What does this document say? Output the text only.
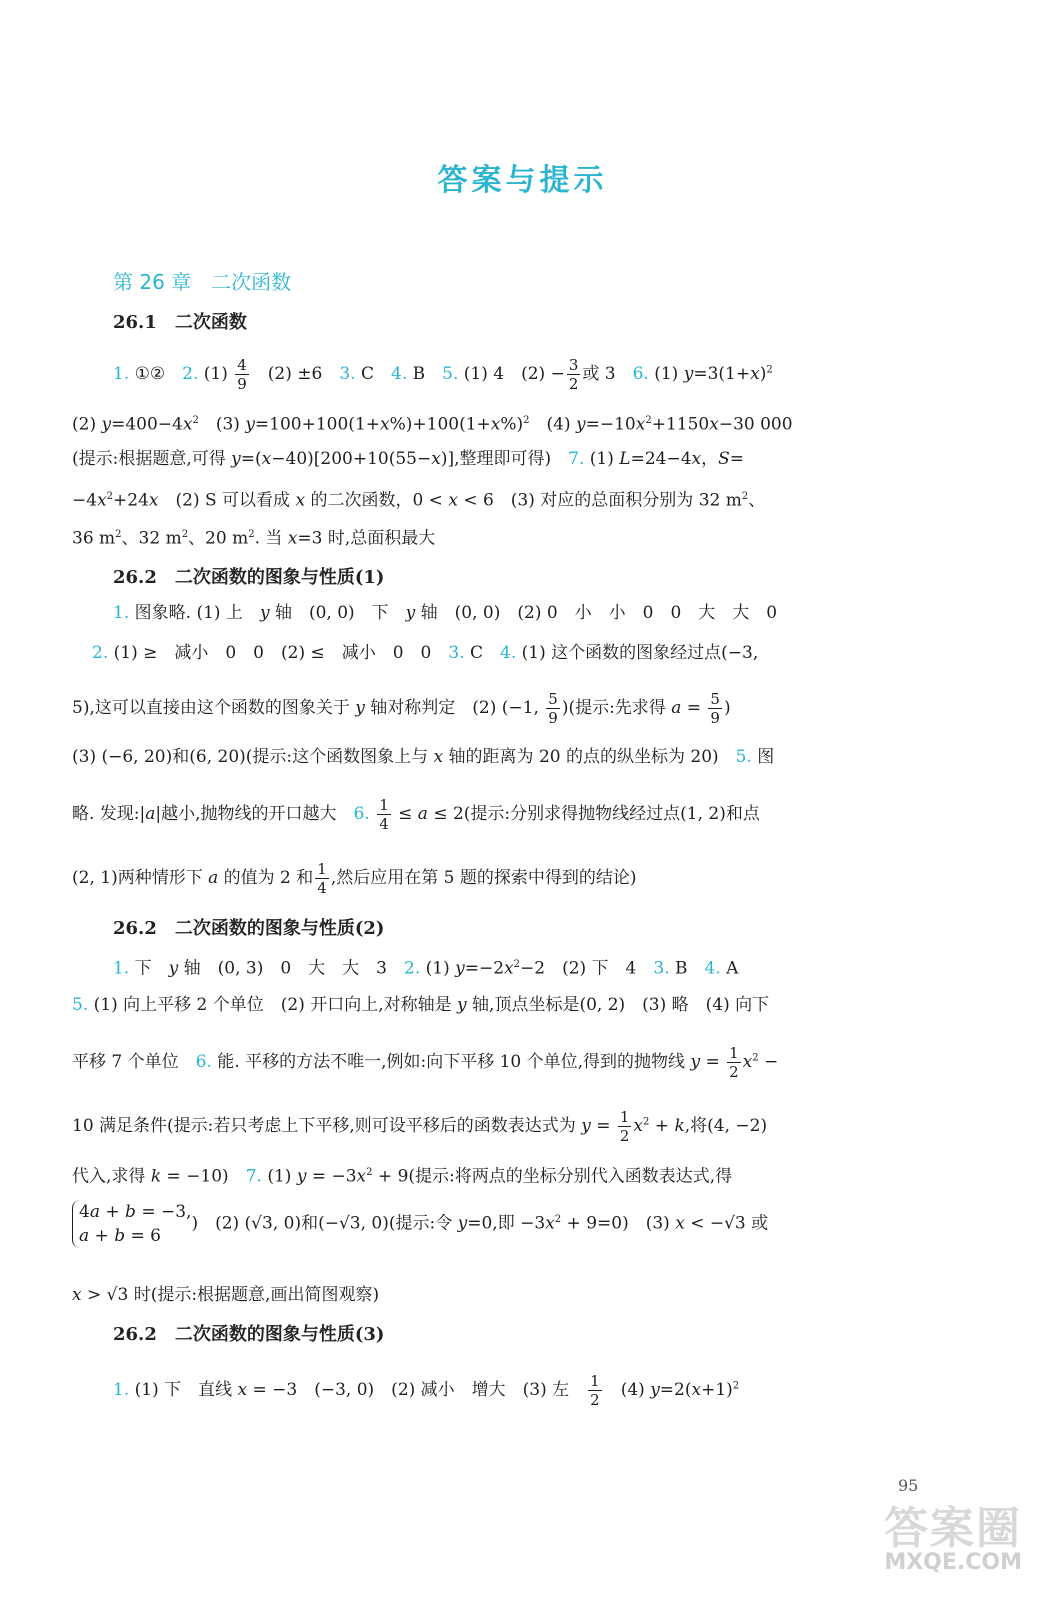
答案与提示
第 26 章　二次函数
26.1　二次函数
1. ①②　2. $(1) \frac{4}{9}$ 　(2) ±6　3. C　4. B　5. (1) 4　$(2) - \frac{3}{2}$ 或 3　6. (1) $y=3(1+x)^2$
(2) $y=400-4x^2$　(3) $y=100+100(1+x\%)+100(1+x\%)^2$　(4) $y=-10x^2+1150x-30$ 000
(提示:根据题意,可得 y=(x−40)[200+10(55−x)],整理即可得)　7. (1) L=24−4x，S=
$-4x^2+24x$　(2) S 可以看成 x 的二次函数，0 < x < 6　(3) 对应的总面积分别为 32 $m^2$、
36 $m^2$、32 $m^2$、20 $m^2$. 当 x=3 时,总面积最大
26.2　二次函数的图象与性质(1)
1. 图象略. (1) 上　y 轴　(0, 0)　下　y 轴　(0, 0)　(2) 0　小　小　0　0　大　大　0
2. (1) ≥　减小　0　0　(2) ≤　减小　0　0　3. C　4. (1) 这个函数的图象经过点(−3,
5),这可以直接由这个函数的图象关于 y 轴对称判定　(2) (−1, $\frac{5}{9}$ )(提示:先求得 $a = \frac{5}{9}$ )
(3) (−6, 20)和(6, 20)(提示:这个函数图象上与 x 轴的距离为 20 的点的纵坐标为 20)　5. 图
略. 发现:|a|越小,抛物线的开口越大　6. $\frac{1}{4} \le a \le 2$(提示:分别求得抛物线经过点(1, 2)和点
(2, 1)两种情形下 a 的值为 2 和 $\frac{1}{4}$ ,然后应用在第 5 题的探索中得到的结论)
26.2　二次函数的图象与性质(2)
1. 下　y 轴　(0, 3)　0　大　大　3　2. (1) $y=-2x^2-2$　(2) 下　4　3. B　4. A
5. (1) 向上平移 2 个单位　(2) 开口向上,对称轴是 y 轴,顶点坐标是(0, 2)　(3) 略　(4) 向下
平移 7 个单位　6. 能. 平移的方法不唯一,例如:向下平移 10 个单位,得到的抛物线 $y = \frac{1}{2} x^2$ −
10 满足条件(提示:若只考虑上下平移,则可设平移后的函数表达式为 $y = \frac{1}{2} x^2 + k$,将(4, −2)
代入,求得 k = −10)　7. (1) $y = -3x^2 + 9$(提示:将两点的坐标分别代入函数表达式,得
4a + b = −3,
a + b = 6
)　(2) (√3, 0)和(−√3, 0)(提示:令 y=0,即 $-3x^2 + 9=0$)　(3) x < −√3 或
x > √3 时(提示:根据题意,画出简图观察)
26.2　二次函数的图象与性质(3)
1. (1) 下　直线 x = −3　(−3, 0)　(2) 减小　增大　(3) 左　 $\frac{1}{2}$ 　(4) $y=2(x+1)^2$
95
答案圈
MXQE.COM
